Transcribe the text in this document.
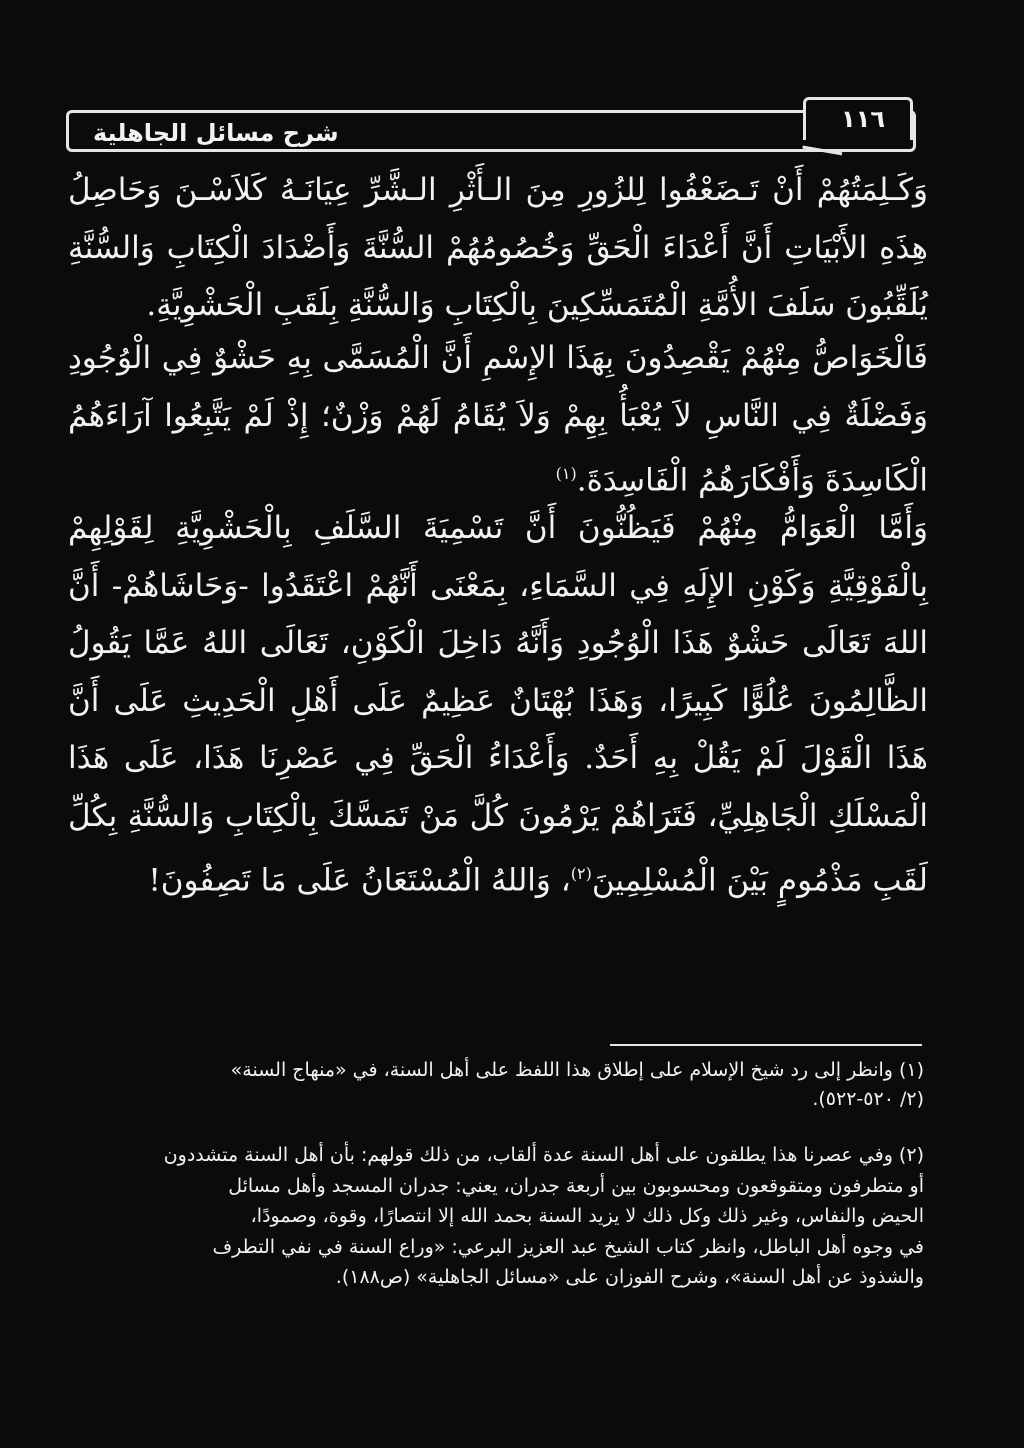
شرح مسائل الجاهلية	١١٦

وَكَـلِمَتُهُمْ أَنْ تَـضَعْفُوا لِلزُورِ مِنَ الـأَثْرِ الـشَّرِّ عِيَانَـهُ كَلاَسْـنَ وَحَاصِلُ هِذَهِ الأَبْيَاتِ أَنَّ أَعْدَاءَ الْحَقِّ وَخُصُومُهُمْ السُّنَّةَ وَأَضْدَادَ الْكِتَابِ وَالسُّنَّةِ يُلَقِّبُونَ سَلَفَ الأُمَّةِ الْمُتَمَسِّكِينَ بِالْكِتَابِ وَالسُّنَّةِ بِلَقَبِ الْحَشْوِيَّةِ.

فَالْخَوَاصُّ مِنْهُمْ يَقْصِدُونَ بِهَذَا الإِسْمِ أَنَّ الْمُسَمَّى بِهِ حَشْوٌ فِي الْوُجُودِ وَفَضْلَةٌ فِي النَّاسِ لاَ يُعْبَأُ بِهِمْ وَلاَ يُقَامُ لَهُمْ وَزْنٌ؛ إِذْ لَمْ يَتَّبِعُوا آرَاءَهُمُ الْكَاسِدَةَ وَأَفْكَارَهُمُ الْفَاسِدَةَ.$^{(١)}$

وَأَمَّا الْعَوَامُّ مِنْهُمْ فَيَظُنُّونَ أَنَّ تَسْمِيَةَ السَّلَفِ بِالْحَشْوِيَّةِ لِقَوْلِهِمْ بِالْفَوْقِيَّةِ وَكَوْنِ الإِلَهِ فِي السَّمَاءِ، بِمَعْنَى أَنَّهُمْ اعْتَقَدُوا -وَحَاشَاهُمْ- أَنَّ اللهَ تَعَالَى حَشْوٌ هَذَا الْوُجُودِ وَأَنَّهُ دَاخِلَ الْكَوْنِ، تَعَالَى اللهُ عَمَّا يَقُولُ الظَّالِمُونَ عُلُوًّا كَبِيرًا، وَهَذَا بُهْتَانٌ عَظِيمٌ عَلَى أَهْلِ الْحَدِيثِ عَلَى أَنَّ هَذَا الْقَوْلَ لَمْ يَقُلْ بِهِ أَحَدٌ. وَأَعْدَاءُ الْحَقِّ فِي عَصْرِنَا هَذَا، عَلَى هَذَا الْمَسْلَكِ الْجَاهِلِيِّ، فَتَرَاهُمْ يَرْمُونَ كُلَّ مَنْ تَمَسَّكَ بِالْكِتَابِ وَالسُّنَّةِ بِكُلِّ لَقَبِ مَذْمُومٍ بَيْنَ الْمُسْلِمِينَ$^{(٢)}$، وَاللهُ الْمُسْتَعَانُ عَلَى مَا تَصِفُونَ!

(١) وانظر إلى رد شيخ الإسلام على إطلاق هذا اللفظ على أهل السنة، في «منهاج السنة»

(٢/ ٥٢٠-٥٢٢).

(٢) وفي عصرنا هذا يطلقون على أهل السنة عدة ألقاب، من ذلك قولهم: بأن أهل السنة متشددون

أو متطرفون ومتقوقعون ومحسوبون بين أربعة جدران، يعني: جدران المسجد وأهل مسائل

الحيض والنفاس، وغير ذلك وكل ذلك لا يزيد السنة بحمد الله إلا انتصارًا، وقوة، وصمودًا،

في وجوه أهل الباطل، وانظر كتاب الشيخ عبد العزيز البرعي: «وراع السنة في نفي التطرف

والشذوذ عن أهل السنة»، وشرح الفوزان على «مسائل الجاهلية» (ص١٨٨).
